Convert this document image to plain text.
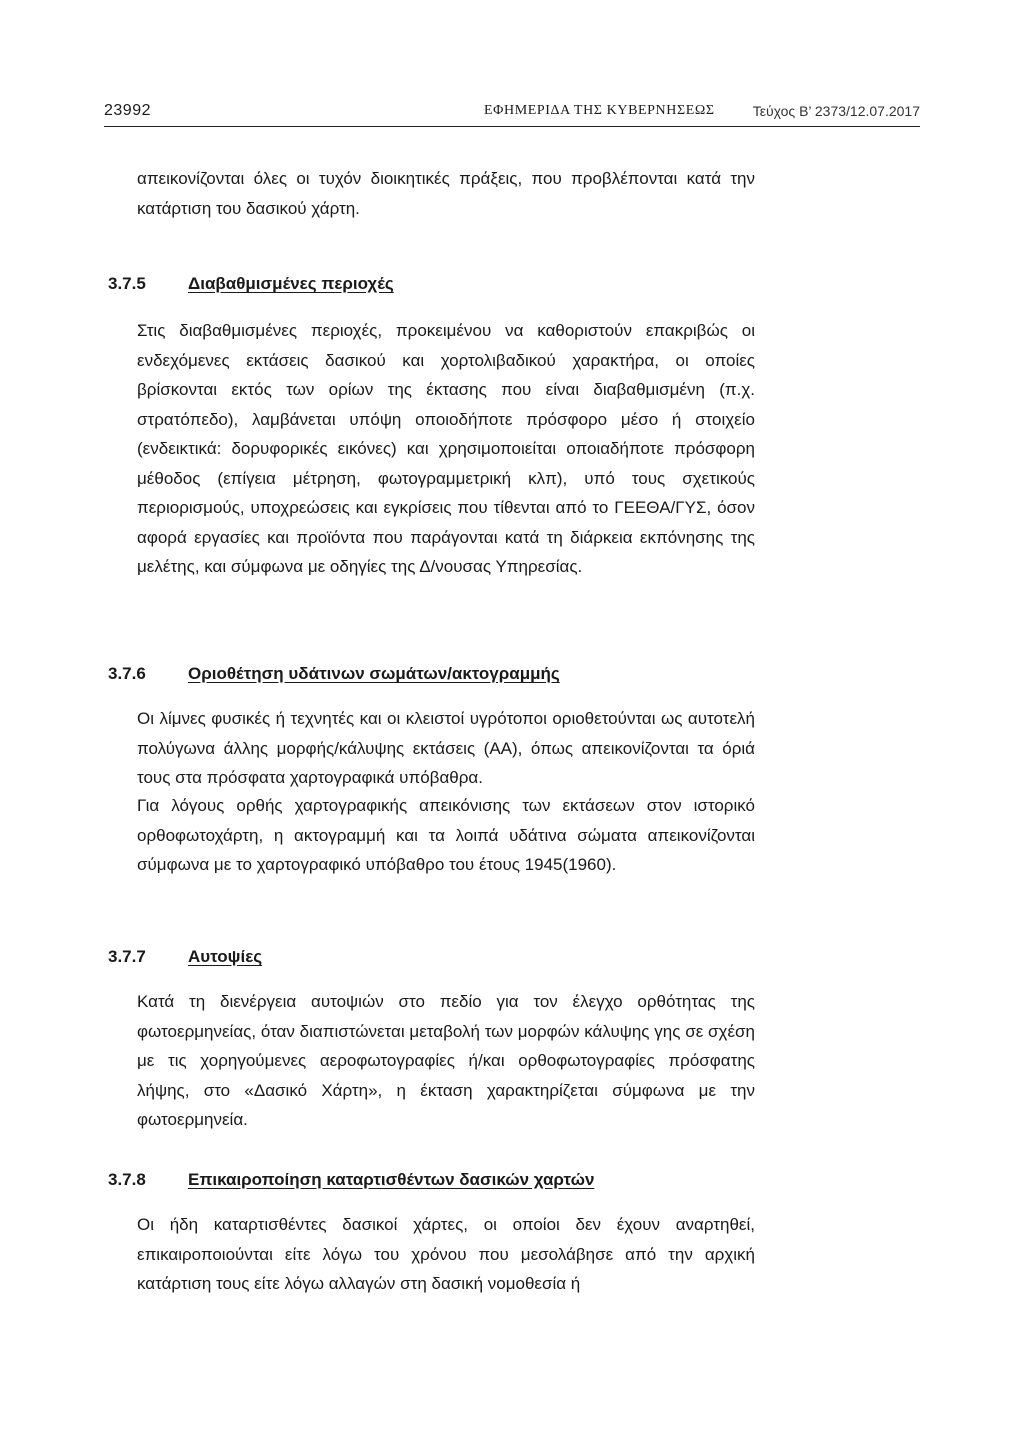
23992	ΕΦΗΜΕΡΙΔΑ ΤΗΣ ΚΥΒΕΡΝΗΣΕΩΣ	Τεύχος Β’ 2373/12.07.2017

απεικονίζονται όλες οι τυχόν διοικητικές πράξεις, που προβλέπονται κατά την κατάρτιση του δασικού χάρτη.

3.7.5 Διαβαθμισμένες περιοχές

Στις διαβαθμισμένες περιοχές, προκειμένου να καθοριστούν επακριβώς οι ενδεχόμενες εκτάσεις δασικού και χορτολιβαδικού χαρακτήρα, οι οποίες βρίσκονται εκτός των ορίων της έκτασης που είναι διαβαθμισμένη (π.χ. στρατόπεδο), λαμβάνεται υπόψη οποιοδήποτε πρόσφορο μέσο ή στοιχείο (ενδεικτικά: δορυφορικές εικόνες) και χρησιμοποιείται οποιαδήποτε πρόσφορη μέθοδος (επίγεια μέτρηση, φωτογραμμετρική κλπ), υπό τους σχετικούς περιορισμούς, υποχρεώσεις και εγκρίσεις που τίθενται από το ΓΕΕΘΑ/ΓΥΣ, όσον αφορά εργασίες και προϊόντα που παράγονται κατά τη διάρκεια εκπόνησης της μελέτης, και σύμφωνα με οδηγίες της Δ/νουσας Υπηρεσίας.

3.7.6 Οριοθέτηση υδάτινων σωμάτων/ακτογραμμής

Οι λίμνες φυσικές ή τεχνητές και οι κλειστοί υγρότοποι οριοθετούνται ως αυτοτελή πολύγωνα άλλης μορφής/κάλυψης εκτάσεις (ΑΑ), όπως απεικονίζονται τα όριά τους στα πρόσφατα χαρτογραφικά υπόβαθρα.

Για λόγους ορθής χαρτογραφικής απεικόνισης των εκτάσεων στον ιστορικό ορθοφωτοχάρτη, η ακτογραμμή και τα λοιπά υδάτινα σώματα απεικονίζονται σύμφωνα με το χαρτογραφικό υπόβαθρο του έτους 1945(1960).

3.7.7 Αυτοψίες

Κατά τη διενέργεια αυτοψιών στο πεδίο για τον έλεγχο ορθότητας της φωτοερμηνείας, όταν διαπιστώνεται μεταβολή των μορφών κάλυψης γης σε σχέση με τις χορηγούμενες αεροφωτογραφίες ή/και ορθοφωτογραφίες πρόσφατης λήψης, στο «Δασικό Χάρτη», η έκταση χαρακτηρίζεται σύμφωνα με την φωτοερμηνεία.

3.7.8 Επικαιροποίηση καταρτισθέντων δασικών χαρτών

Οι ήδη καταρτισθέντες δασικοί χάρτες, οι οποίοι δεν έχουν αναρτηθεί, επικαιροποιούνται είτε λόγω του χρόνου που μεσολάβησε από την αρχική κατάρτιση τους είτε λόγω αλλαγών στη δασική νομοθεσία ή
